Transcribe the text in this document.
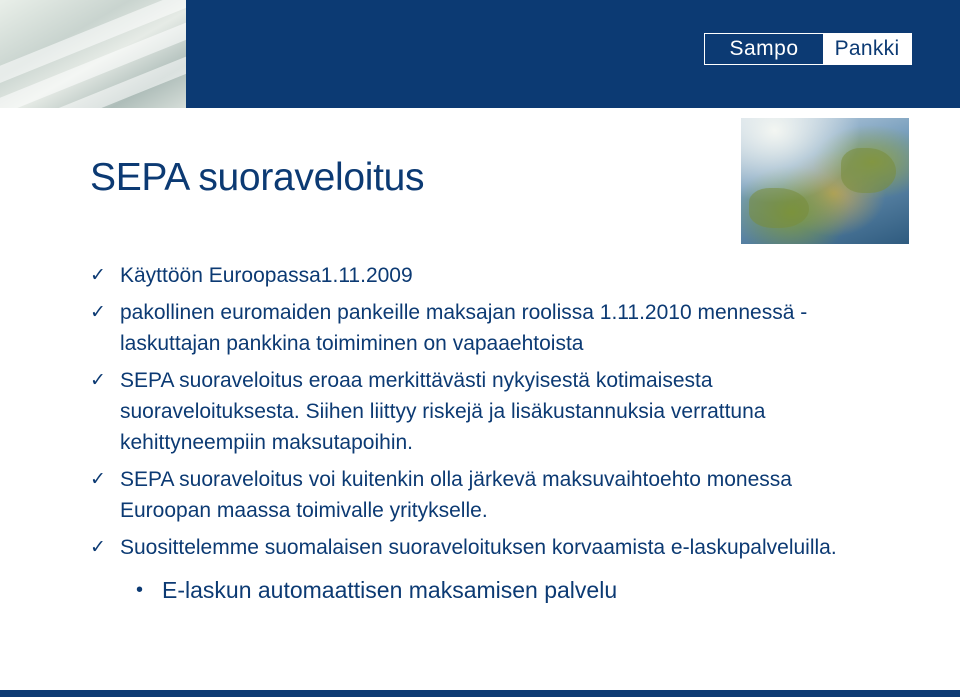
Sampo	Pankki
SEPA suoraveloitus
✓ Käyttöön Euroopassa1.11.2009
✓ pakollinen euromaiden pankeille maksajan roolissa 1.11.2010 mennessä - laskuttajan pankkina toimiminen on vapaaehtoista
✓ SEPA suoraveloitus eroaa merkittävästi nykyisestä kotimaisesta suoraveloituksesta. Siihen liittyy riskejä ja lisäkustannuksia verrattuna kehittyneempiin maksutapoihin.
✓ SEPA suoraveloitus voi kuitenkin olla järkevä maksuvaihtoehto monessa Euroopan maassa toimivalle yritykselle.
✓ Suosittelemme suomalaisen suoraveloituksen korvaamista e-laskupalveluilla.
• E-laskun automaattisen maksamisen palvelu
